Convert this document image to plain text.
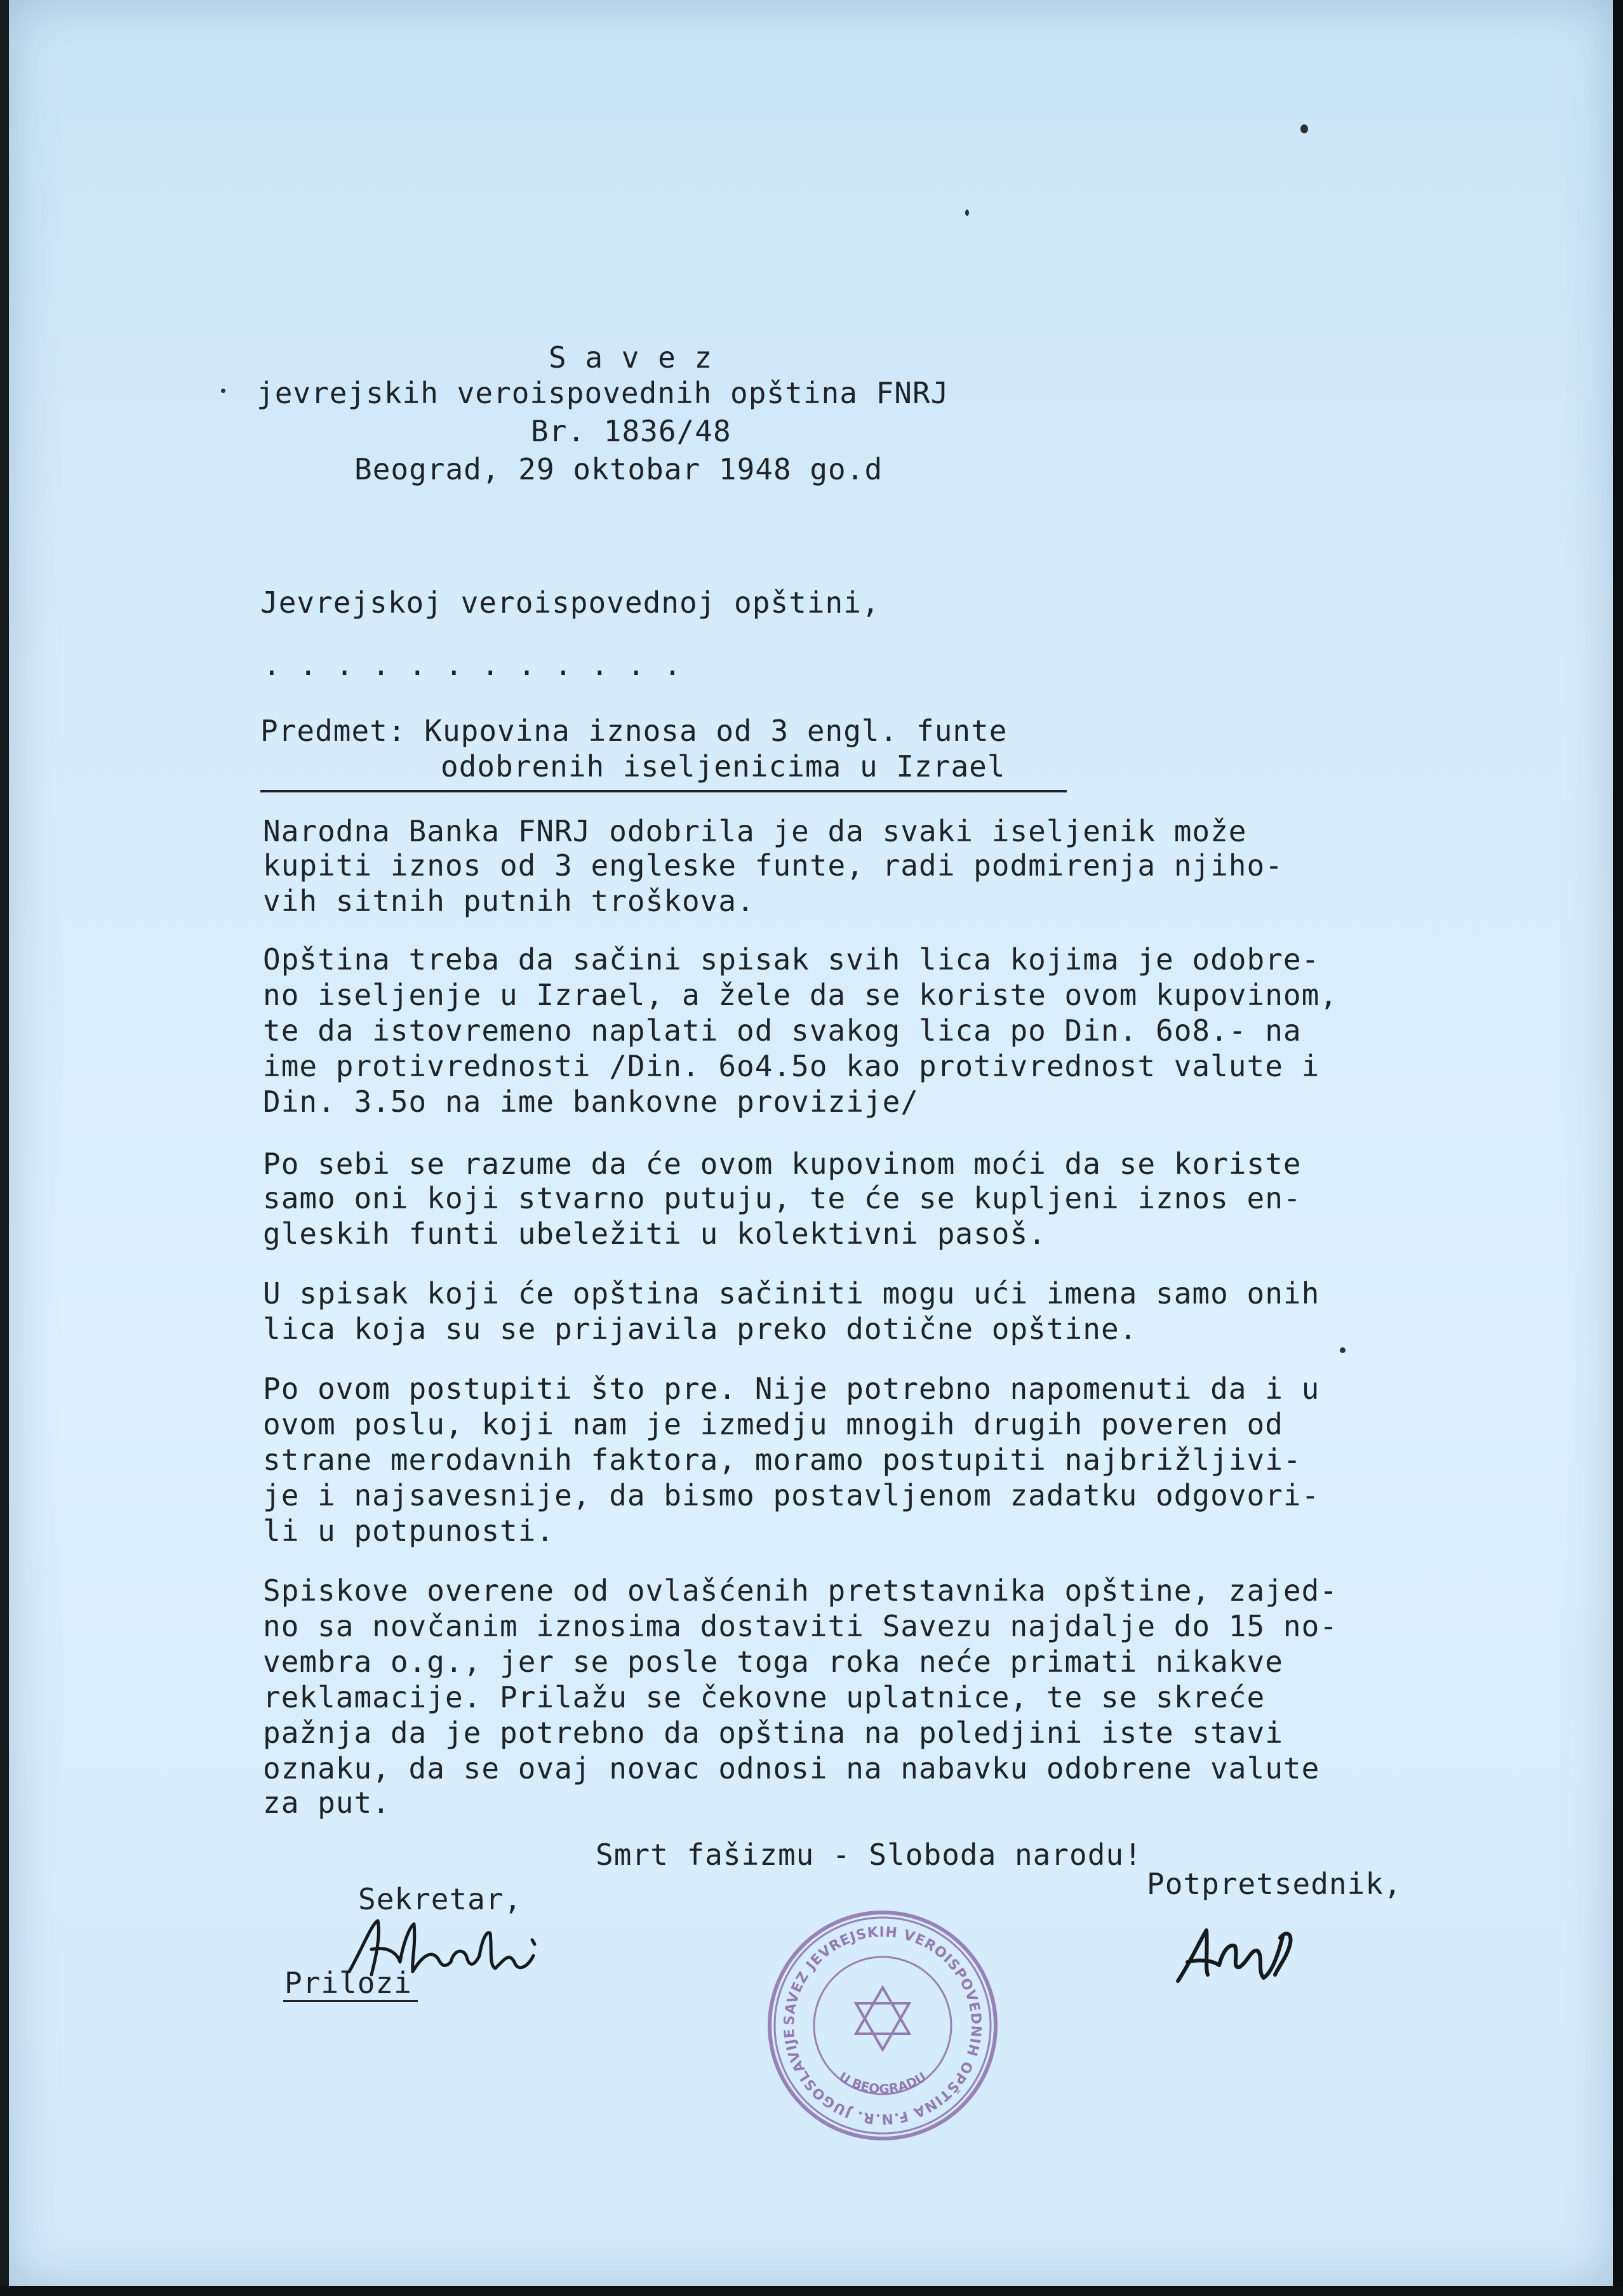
S a v e z
jevrejskih veroispovednih opština FNRJ
Br. 1836/48
Beograd, 29 oktobar 1948 go.d
Jevrejskoj veroispovednoj opštini,
. . . . . . . . . . . .
Predmet: Kupovina iznosa od 3 engl. funte
odobrenih iseljenicima u Izrael
Narodna Banka FNRJ odobrila je da svaki iseljenik može
kupiti iznos od 3 engleske funte, radi podmirenja njiho-
vih sitnih putnih troškova.
Opština treba da sačini spisak svih lica kojima je odobre-
no iseljenje u Izrael, a žele da se koriste ovom kupovinom,
te da istovremeno naplati od svakog lica po Din. 6o8.- na
ime protivrednosti /Din. 6o4.5o kao protivrednost valute i
Din. 3.5o na ime bankovne provizije/
Po sebi se razume da će ovom kupovinom moći da se koriste
samo oni koji stvarno putuju, te će se kupljeni iznos en-
gleskih funti ubeležiti u kolektivni pasoš.
U spisak koji će opština sačiniti mogu ući imena samo onih
lica koja su se prijavila preko dotične opštine.
Po ovom postupiti što pre. Nije potrebno napomenuti da i u
ovom poslu, koji nam je izmedju mnogih drugih poveren od
strane merodavnih faktora, moramo postupiti najbrižljivi-
je i najsavesnije, da bismo postavljenom zadatku odgovori-
li u potpunosti.
Spiskove overene od ovlašćenih pretstavnika opštine, zajed-
no sa novčanim iznosima dostaviti Savezu najdalje do 15 no-
vembra o.g., jer se posle toga roka neće primati nikakve
reklamacije. Prilažu se čekovne uplatnice, te se skreće
pažnja da je potrebno da opština na poledjini iste stavi
oznaku, da se ovaj novac odnosi na nabavku odobrene valute
za put.
Smrt fašizmu - Sloboda narodu!
Sekretar,	Potpretsednik,
Prilozi
SAVEZ JEVREJSKIH VEROISPOVEDNIH OPŠTINA F.N.R. JUGOSLAVIJE
U BEOGRADU
